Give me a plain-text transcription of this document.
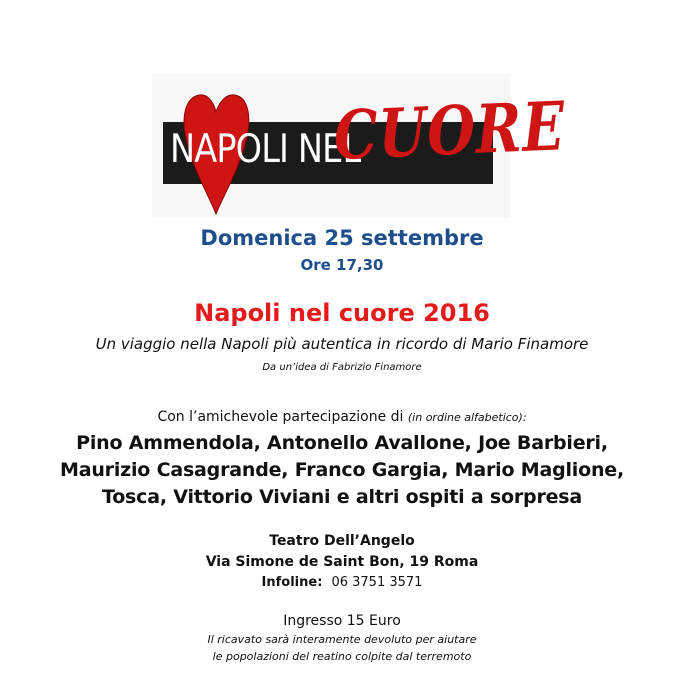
NAPOLI NEL
CUORE

Domenica 25 settembre

Ore 17,30

Napoli nel cuore 2016

Un viaggio nella Napoli più autentica in ricordo di Mario Finamore

Da un’idea di Fabrizio Finamore

Con l’amichevole partecipazione di (in ordine alfabetico):

Pino Ammendola, Antonello Avallone, Joe Barbieri,

Maurizio Casagrande, Franco Gargia, Mario Maglione,

Tosca, Vittorio Viviani e altri ospiti a sorpresa

Teatro Dell’Angelo

Via Simone de Saint Bon, 19 Roma

Infoline: 06 3751 3571

Ingresso 15 Euro

Il ricavato sarà interamente devoluto per aiutare

le popolazioni del reatino colpite dal terremoto
